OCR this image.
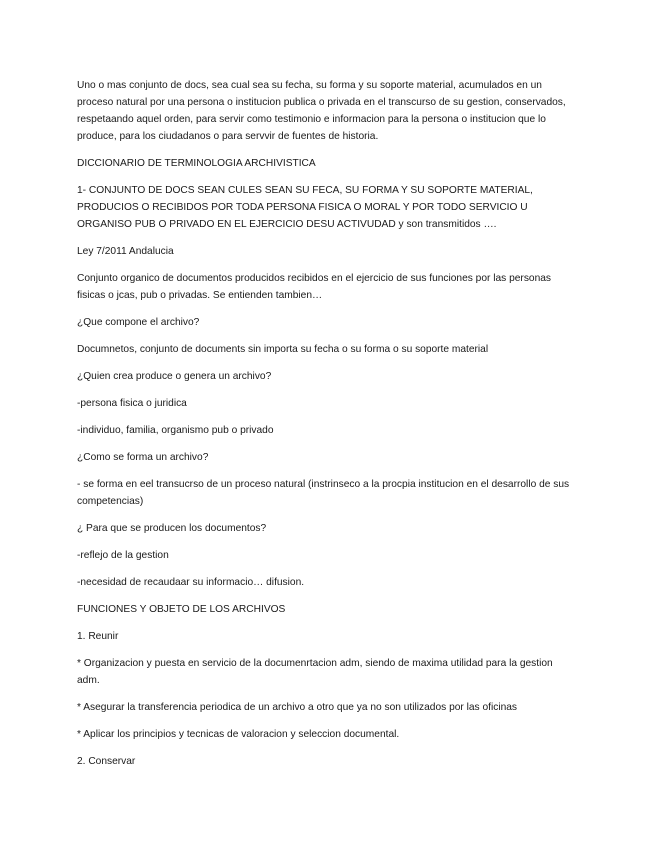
Uno o mas conjunto de docs, sea cual sea su fecha, su forma y su soporte material, acumulados en un proceso natural por una persona o institucion publica o privada en el transcurso de su gestion, conservados, respetaando aquel orden, para servir como testimonio e informacion para la persona o institucion que lo produce, para los ciudadanos o para servvir de fuentes de historia.

DICCIONARIO DE TERMINOLOGIA ARCHIVISTICA

1- CONJUNTO DE DOCS SEAN CULES SEAN SU FECA, SU FORMA Y SU SOPORTE MATERIAL, PRODUCIOS O RECIBIDOS POR TODA PERSONA FISICA O MORAL Y POR TODO SERVICIO U ORGANISO PUB O PRIVADO EN EL EJERCICIO DESU ACTIVUDAD y son transmitidos ….

Ley 7/2011 Andalucia

Conjunto organico de documentos producidos recibidos en el ejercicio de sus funciones por las personas fisicas o jcas, pub o privadas. Se entienden tambien…

¿Que compone el archivo?

Documnetos, conjunto de documents sin importa su fecha o su forma o su soporte material

¿Quien crea produce o genera un archivo?

-persona fisica o juridica

-individuo, familia, organismo pub o privado

¿Como se forma un archivo?

- se forma en eel transucrso de un proceso natural (instrinseco a la procpia institucion en el desarrollo de sus competencias)

¿ Para que se producen los documentos?

-reflejo de la gestion

-necesidad de recaudaar su informacio… difusion.

FUNCIONES Y OBJETO DE LOS ARCHIVOS

1. Reunir

* Organizacion y puesta en servicio de la documenrtacion adm, siendo de maxima utilidad para la gestion adm.

* Asegurar la transferencia periodica de un archivo a otro que ya no son utilizados por las oficinas

* Aplicar los principios y tecnicas de valoracion y seleccion documental.

2. Conservar
